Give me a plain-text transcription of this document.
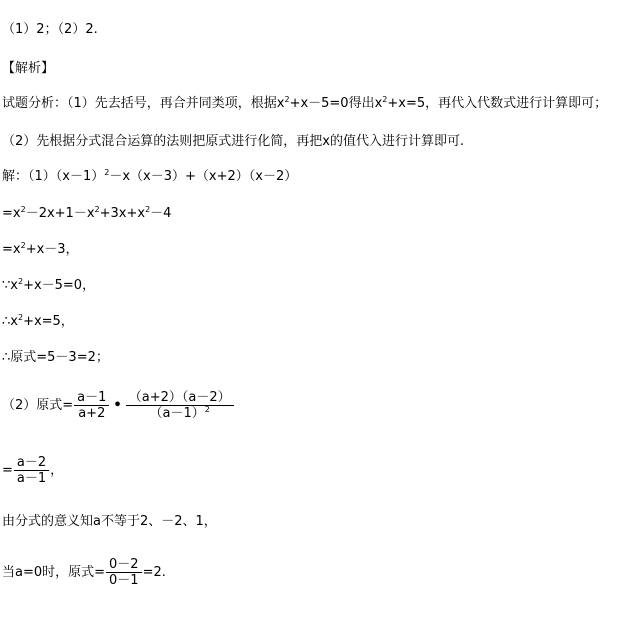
（1）2；（2）2.
【解析】
试题分析：（1）先去括号，再合并同类项，根据$x^2+x-5=0$得出$x^2+x=5$，再代入代数式进行计算即可；
（2）先根据分式混合运算的法则把原式进行化简，再把x的值代入进行计算即可.
解：$(1)(x-1)^2-x(x-3)+(x+2)(x-2)$
$=x^2-2x+1-x^2+3x+x^2-4$
$=x^2+x-3$，
$\because x^2+x-5=0$，
$\therefore x^2+x=5$，
∴原式=5－3=2；
（2）原式= $\frac{a-1}{a+2}$ • $\frac{(a+2)(a-2)}{(a-1)^2}$
= $\frac{a-2}{a-1}$ ，
由分式的意义知a不等于2、－2、1，
当a=0时，原式= $\frac{0-2}{0-1} =2$.
